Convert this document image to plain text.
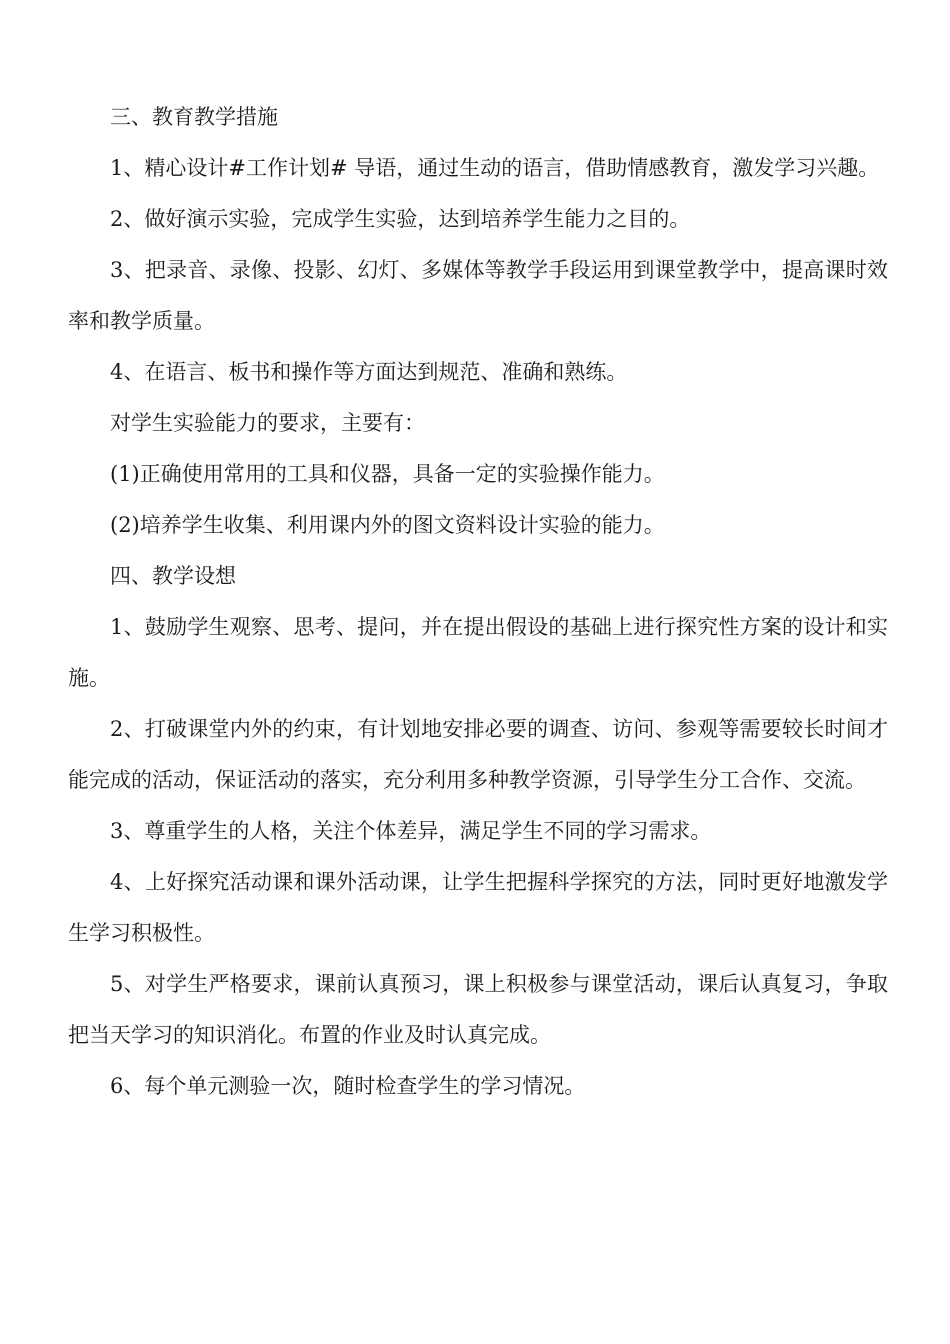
三、教育教学措施

1、精心设计#工作计划# 导语，通过生动的语言，借助情感教育，激发学习兴趣。

2、做好演示实验，完成学生实验，达到培养学生能力之目的。

3、把录音、录像、投影、幻灯、多媒体等教学手段运用到课堂教学中，提高课时效率和教学质量。

4、在语言、板书和操作等方面达到规范、准确和熟练。

对学生实验能力的要求，主要有：

(1)正确使用常用的工具和仪器，具备一定的实验操作能力。

(2)培养学生收集、利用课内外的图文资料设计实验的能力。

四、教学设想

1、鼓励学生观察、思考、提问，并在提出假设的基础上进行探究性方案的设计和实施。

2、打破课堂内外的约束，有计划地安排必要的调查、访问、参观等需要较长时间才能完成的活动，保证活动的落实，充分利用多种教学资源，引导学生分工合作、交流。

3、尊重学生的人格，关注个体差异，满足学生不同的学习需求。

4、上好探究活动课和课外活动课，让学生把握科学探究的方法，同时更好地激发学生学习积极性。

5、对学生严格要求，课前认真预习，课上积极参与课堂活动，课后认真复习，争取把当天学习的知识消化。布置的作业及时认真完成。

6、每个单元测验一次，随时检查学生的学习情况。
